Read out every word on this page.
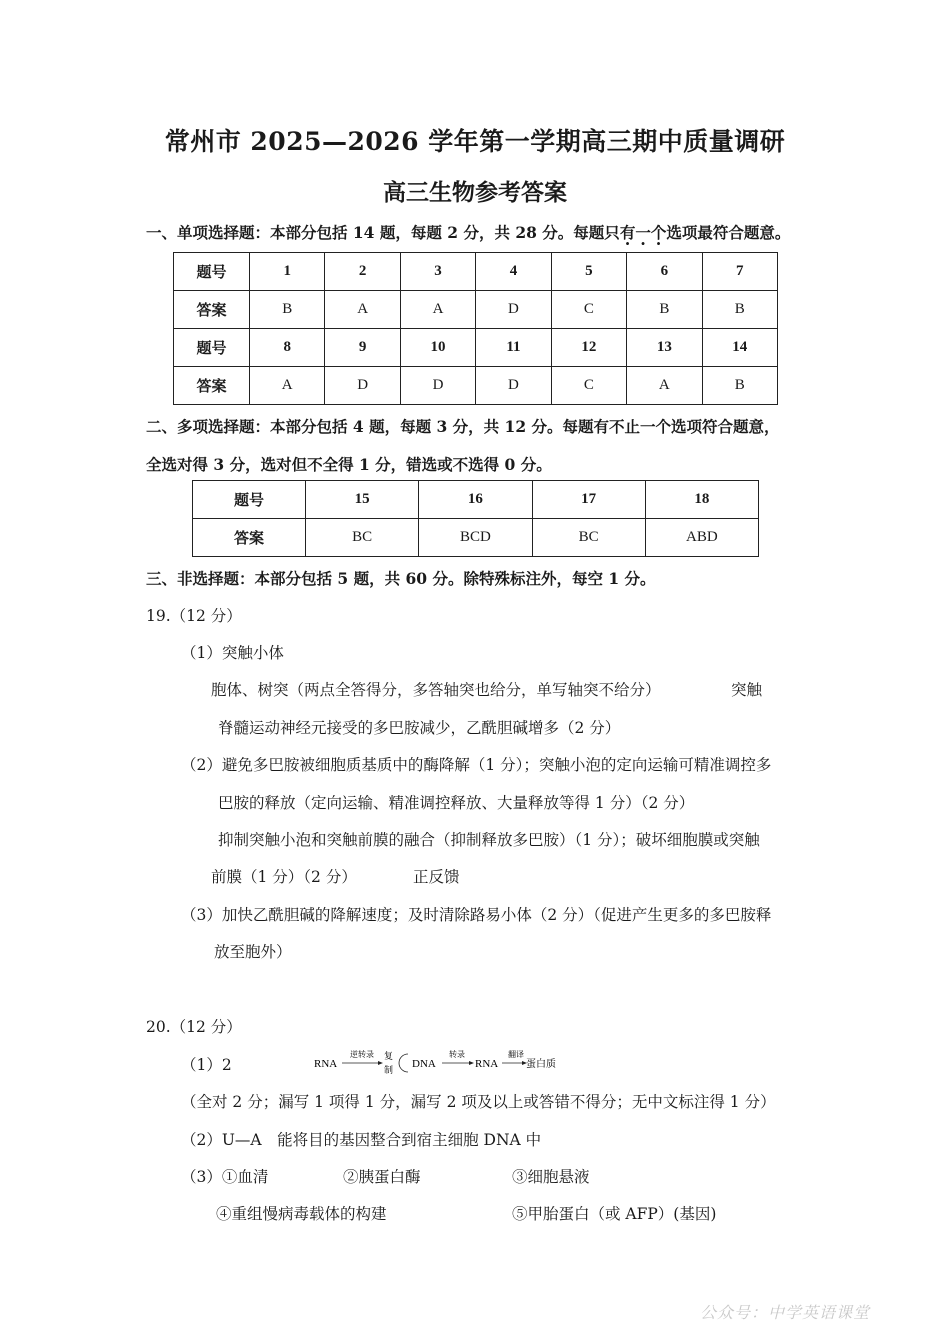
常州市 2025—2026 学年第一学期高三期中质量调研
高三生物参考答案
一、单项选择题：本部分包括 14 题，每题 2 分，共 28 分。每题只有一个选项最符合题意。
题号	1	2	3	4	5	6	7
答案	B	A	A	D	C	B	B
题号	8	9	10	11	12	13	14
答案	A	D	D	D	C	A	B
二、多项选择题：本部分包括 4 题，每题 3 分，共 12 分。每题有不止一个选项符合题意，
全选对得 3 分，选对但不全得 1 分，错选或不选得 0 分。
题号	15	16	17	18
答案	BC	BCD	BC	ABD
三、非选择题：本部分包括 5 题，共 60 分。除特殊标注外，每空 1 分。
19.（12 分）
（1）突触小体
胞体、树突（两点全答得分，多答轴突也给分，单写轴突不给分）	突触
脊髓运动神经元接受的多巴胺减少，乙酰胆碱增多（2 分）
（2）避免多巴胺被细胞质基质中的酶降解（1 分）；突触小泡的定向运输可精准调控多
巴胺的释放（定向运输、精准调控释放、大量释放等得 1 分）（2 分）
抑制突触小泡和突触前膜的融合（抑制释放多巴胺）（1 分）；破坏细胞膜或突触
前膜（1 分）（2 分）	正反馈
（3）加快乙酰胆碱的降解速度；及时清除路易小体（2 分）（促进产生更多的多巴胺释
放至胞外）
20.（12 分）
（1）2	RNA
逆转录 复
制
DNA
转录
RNA
翻译
蛋白质
（全对 2 分；漏写 1 项得 1 分，漏写 2 项及以上或答错不得分；无中文标注得 1 分）
（2）U—A　能将目的基因整合到宿主细胞 DNA 中
（3）①血清	②胰蛋白酶	③细胞悬液
④重组慢病毒载体的构建	⑤甲胎蛋白（或 AFP）(基因)
公众号：中学英语课堂
